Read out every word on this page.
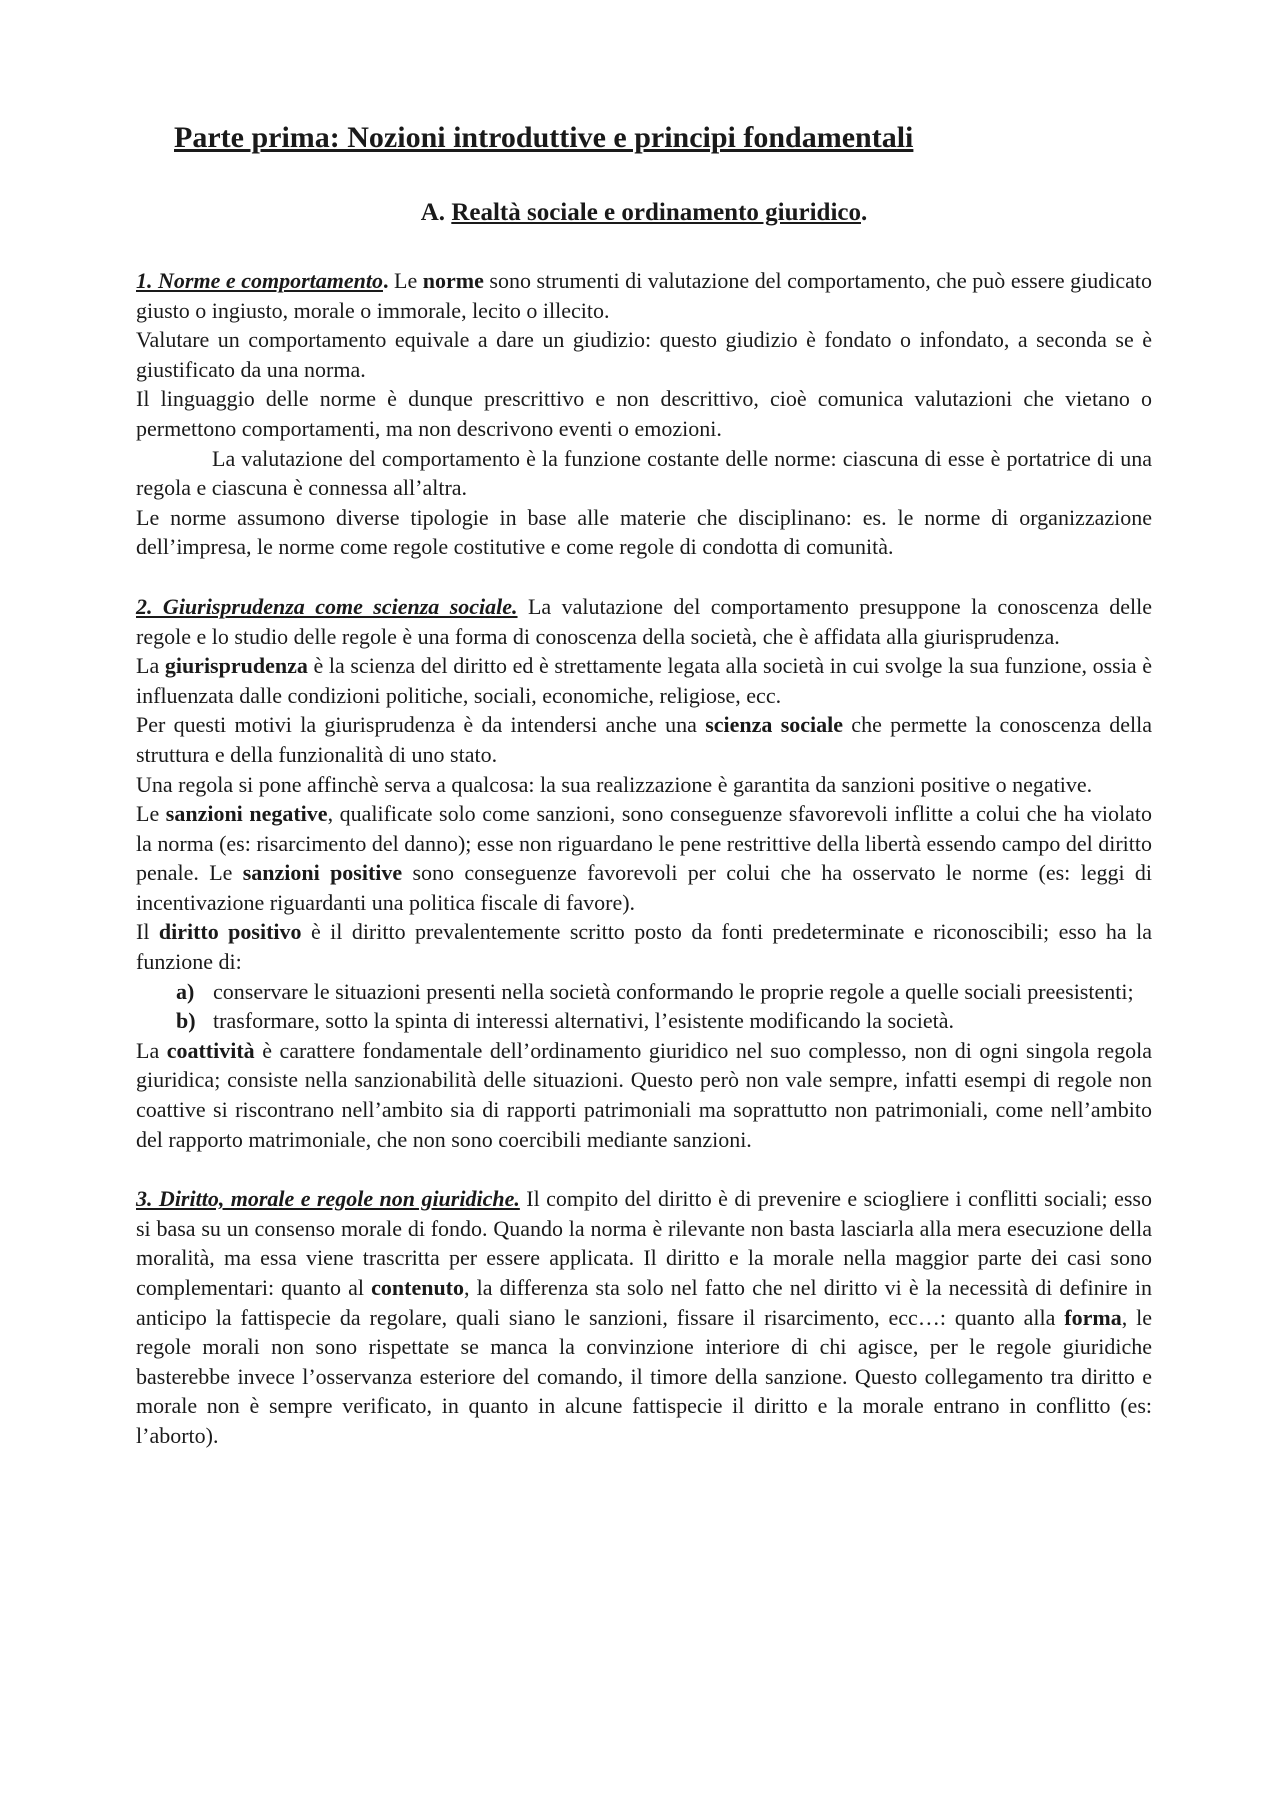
Parte prima: Nozioni introduttive e principi fondamentali
A. Realtà sociale e ordinamento giuridico.

1. Norme e comportamento. Le norme sono strumenti di valutazione del comportamento, che può essere giudicato giusto o ingiusto, morale o immorale, lecito o illecito.

Valutare un comportamento equivale a dare un giudizio: questo giudizio è fondato o infondato, a seconda se è giustificato da una norma.

Il linguaggio delle norme è dunque prescrittivo e non descrittivo, cioè comunica valutazioni che vietano o permettono comportamenti, ma non descrivono eventi o emozioni.

La valutazione del comportamento è la funzione costante delle norme: ciascuna di esse è portatrice di una regola e ciascuna è connessa all’altra.

Le norme assumono diverse tipologie in base alle materie che disciplinano: es. le norme di organizzazione dell’impresa, le norme come regole costitutive e come regole di condotta di comunità.

2. Giurisprudenza come scienza sociale. La valutazione del comportamento presuppone la conoscenza delle regole e lo studio delle regole è una forma di conoscenza della società, che è affidata alla giurisprudenza.

La giurisprudenza è la scienza del diritto ed è strettamente legata alla società in cui svolge la sua funzione, ossia è influenzata dalle condizioni politiche, sociali, economiche, religiose, ecc.

Per questi motivi la giurisprudenza è da intendersi anche una scienza sociale che permette la conoscenza della struttura e della funzionalità di uno stato.

Una regola si pone affinchè serva a qualcosa: la sua realizzazione è garantita da sanzioni positive o negative.

Le sanzioni negative, qualificate solo come sanzioni, sono conseguenze sfavorevoli inflitte a colui che ha violato la norma (es: risarcimento del danno); esse non riguardano le pene restrittive della libertà essendo campo del diritto penale. Le sanzioni positive sono conseguenze favorevoli per colui che ha osservato le norme (es: leggi di incentivazione riguardanti una politica fiscale di favore).

Il diritto positivo è il diritto prevalentemente scritto posto da fonti predeterminate e riconoscibili; esso ha la funzione di:

a) conservare le situazioni presenti nella società conformando le proprie regole a quelle sociali preesistenti;
b) trasformare, sotto la spinta di interessi alternativi, l’esistente modificando la società.

La coattività è carattere fondamentale dell’ordinamento giuridico nel suo complesso, non di ogni singola regola giuridica; consiste nella sanzionabilità delle situazioni. Questo però non vale sempre, infatti esempi di regole non coattive si riscontrano nell’ambito sia di rapporti patrimoniali ma soprattutto non patrimoniali, come nell’ambito del rapporto matrimoniale, che non sono coercibili mediante sanzioni.

3. Diritto, morale e regole non giuridiche. Il compito del diritto è di prevenire e sciogliere i conflitti sociali; esso si basa su un consenso morale di fondo. Quando la norma è rilevante non basta lasciarla alla mera esecuzione della moralità, ma essa viene trascritta per essere applicata. Il diritto e la morale nella maggior parte dei casi sono complementari: quanto al contenuto, la differenza sta solo nel fatto che nel diritto vi è la necessità di definire in anticipo la fattispecie da regolare, quali siano le sanzioni, fissare il risarcimento, ecc…: quanto alla forma, le regole morali non sono rispettate se manca la convinzione interiore di chi agisce, per le regole giuridiche basterebbe invece l’osservanza esteriore del comando, il timore della sanzione. Questo collegamento tra diritto e morale non è sempre verificato, in quanto in alcune fattispecie il diritto e la morale entrano in conflitto (es: l’aborto).
